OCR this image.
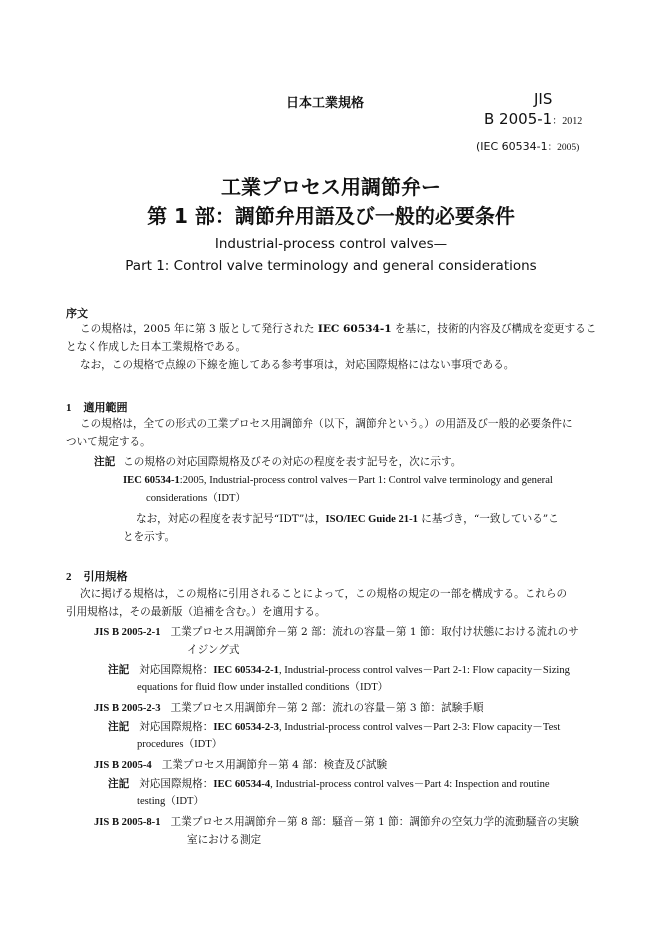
日本工業規格	JIS
B 2005-1：2012
(IEC 60534-1：2005)
工業プロセス用調節弁ー
第 1 部：調節弁用語及び一般的必要条件
Industrial-process control valves—
Part 1: Control valve terminology and general considerations
序文
この規格は，2005 年に第 3 版として発行された IEC 60534-1 を基に，技術的内容及び構成を変更するこ
となく作成した日本工業規格である。
なお，この規格で点線の下線を施してある参考事項は，対応国際規格にはない事項である。
1 適用範囲
この規格は，全ての形式の工業プロセス用調節弁（以下，調節弁という。）の用語及び一般的必要条件に
ついて規定する。
注記 この規格の対応国際規格及びその対応の程度を表す記号を，次に示す。
IEC 60534-1:2005, Industrial-process control valves－Part 1: Control valve terminology and general
considerations（IDT）
なお，対応の程度を表す記号“IDT”は，ISO/IEC Guide 21-1 に基づき，“一致している”こ
とを示す。
2 引用規格
次に掲げる規格は，この規格に引用されることによって，この規格の規定の一部を構成する。これらの
引用規格は，その最新版（追補を含む。）を適用する。
JIS B 2005-2-1 工業プロセス用調節弁－第 2 部：流れの容量－第 1 節：取付け状態における流れのサ
イジング式
注記 対応国際規格：IEC 60534-2-1, Industrial-process control valves－Part 2-1: Flow capacity－Sizing
equations for fluid flow under installed conditions（IDT）
JIS B 2005-2-3 工業プロセス用調節弁－第 2 部：流れの容量－第 3 節：試験手順
注記 対応国際規格：IEC 60534-2-3, Industrial-process control valves－Part 2-3: Flow capacity－Test
procedures（IDT）
JIS B 2005-4 工業プロセス用調節弁－第 4 部：検査及び試験
注記 対応国際規格：IEC 60534-4, Industrial-process control valves－Part 4: Inspection and routine
testing（IDT）
JIS B 2005-8-1 工業プロセス用調節弁－第 8 部：騒音－第 1 節：調節弁の空気力学的流動騒音の実験
室における測定
